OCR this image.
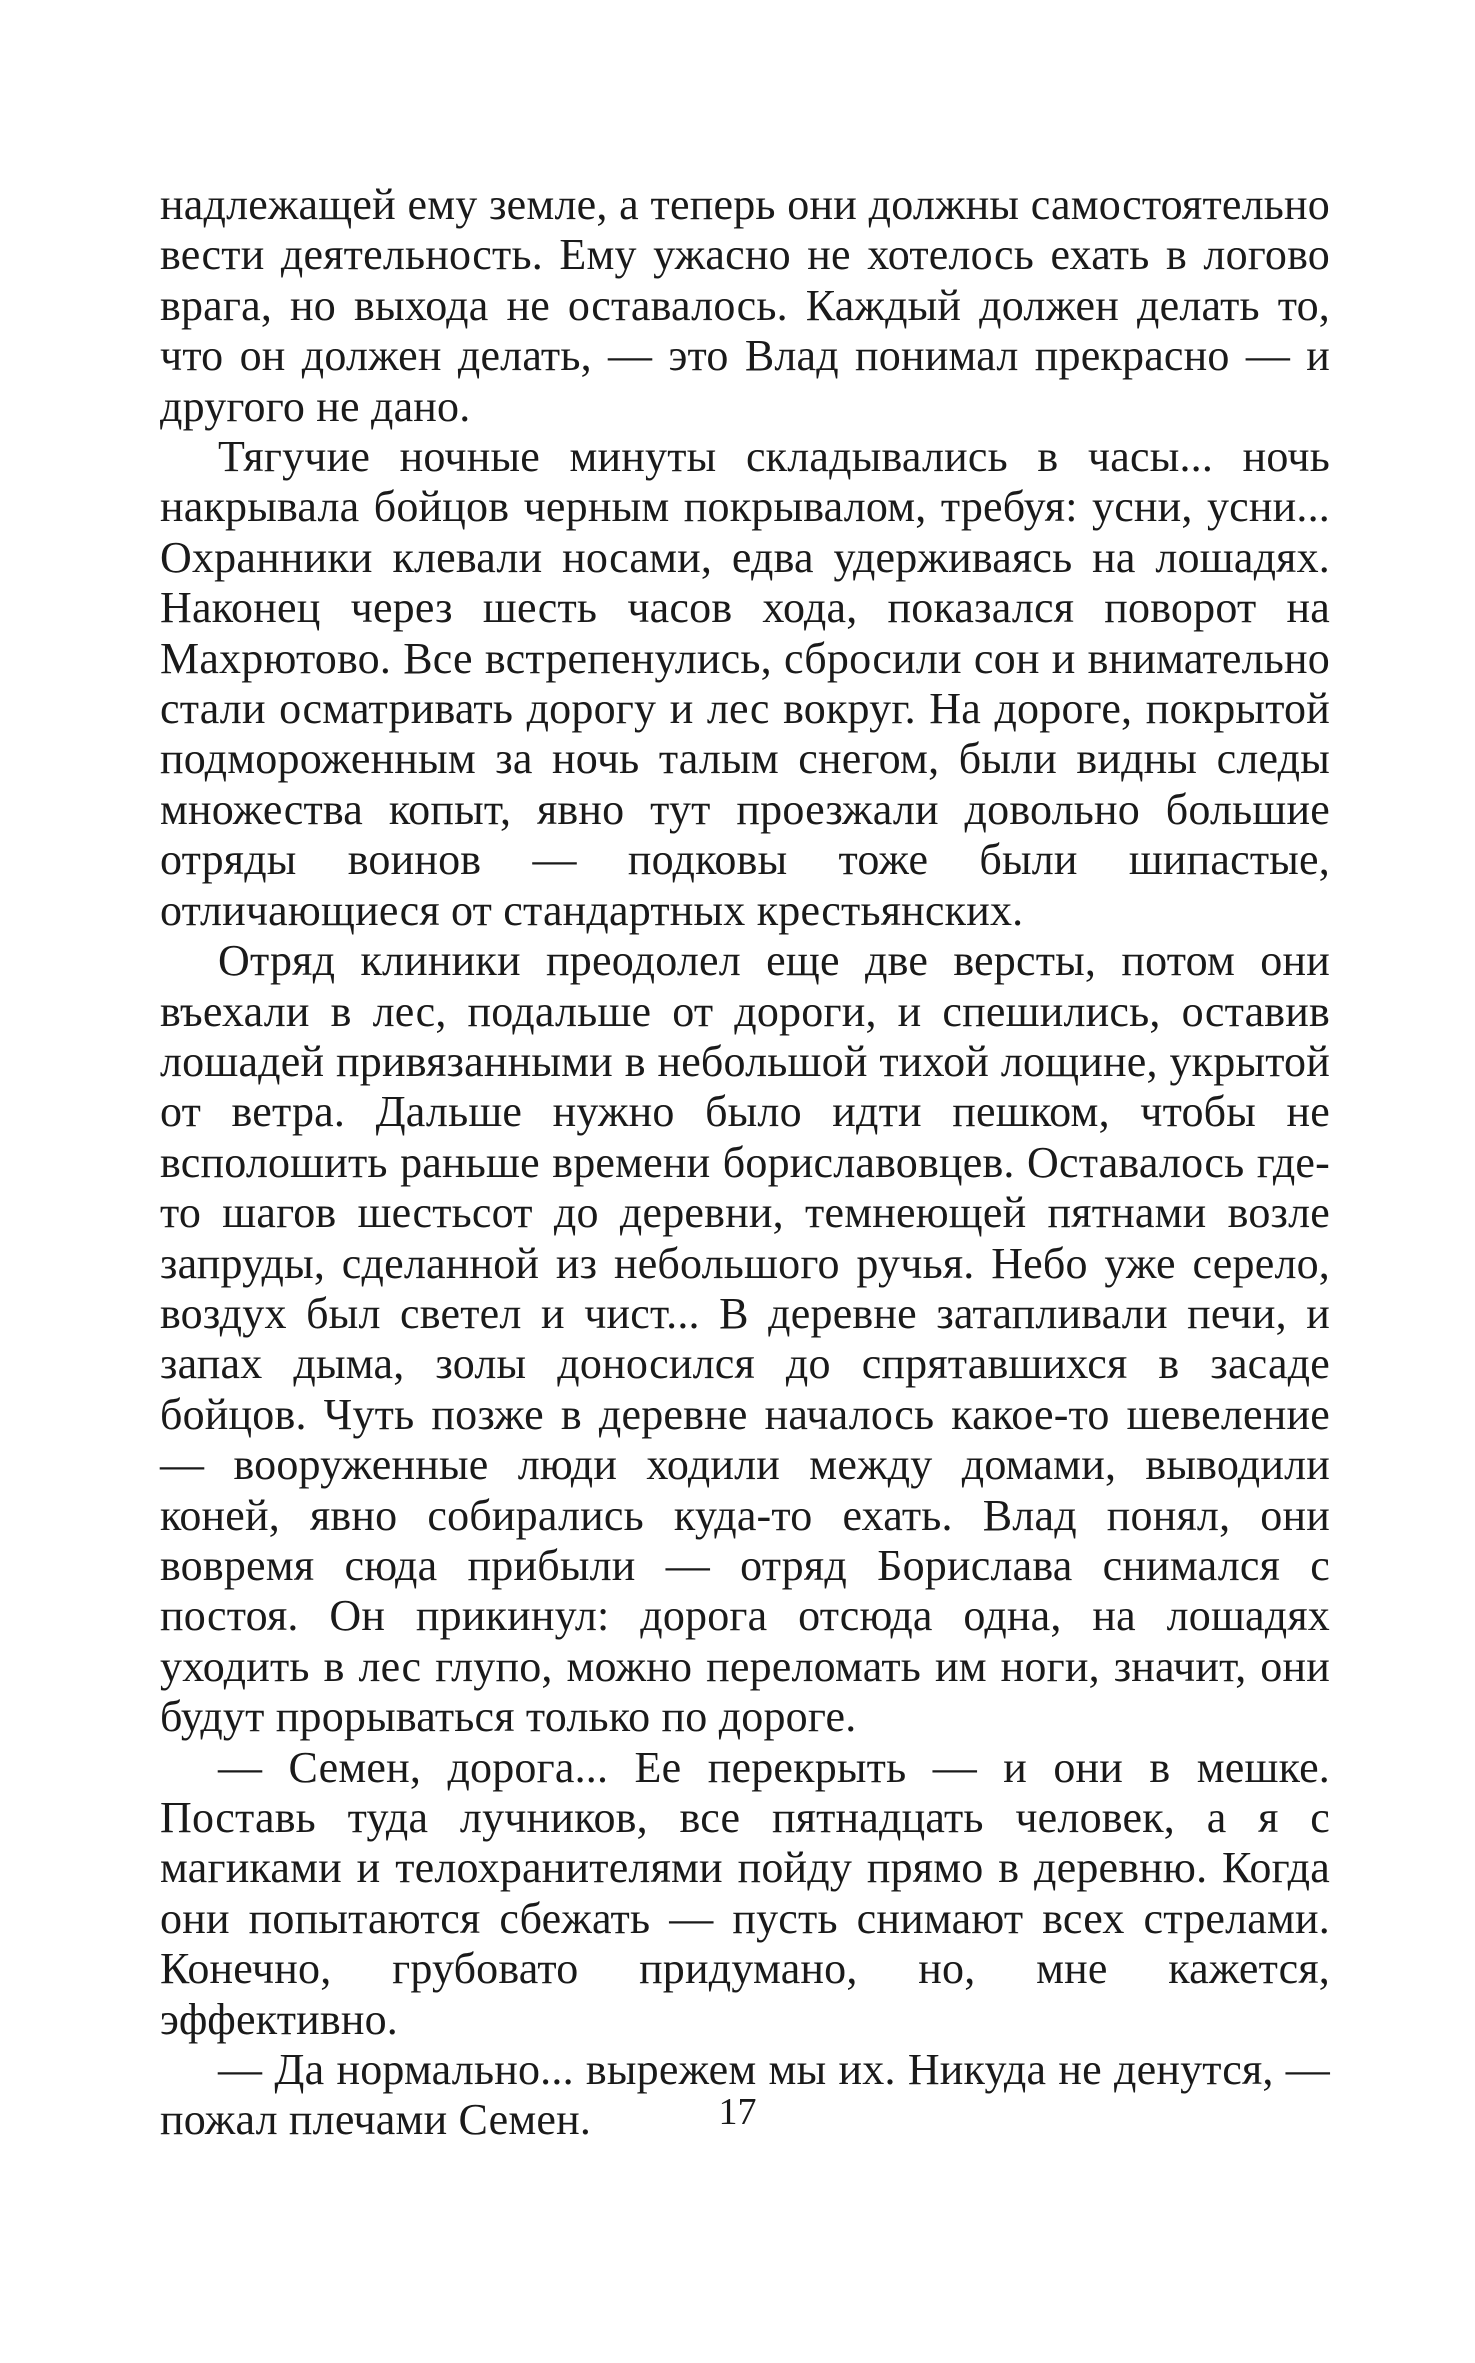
надлежащей ему земле, а теперь они должны самостоятельно вести деятельность. Ему ужасно не хотелось ехать в логово врага, но выхода не оставалось. Каждый должен делать то, что он должен делать, — это Влад понимал прекрасно — и другого не дано.

Тягучие ночные минуты складывались в часы... ночь накрывала бойцов черным покрывалом, требуя: усни, усни... Охранники клевали носами, едва удерживаясь на лошадях. Наконец через шесть часов хода, показался поворот на Махрютово. Все встрепенулись, сбросили сон и внимательно стали осматривать дорогу и лес вокруг. На дороге, покрытой подмороженным за ночь талым снегом, были видны следы множества копыт, явно тут проезжали довольно большие отряды воинов — подковы тоже были шипастые, отличающиеся от стандартных крестьянских.

Отряд клиники преодолел еще две версты, потом они въехали в лес, подальше от дороги, и спешились, оставив лошадей привязанными в небольшой тихой лощине, укрытой от ветра. Дальше нужно было идти пешком, чтобы не всполошить раньше времени бориславовцев. Оставалось где-то шагов шестьсот до деревни, темнеющей пятнами возле запруды, сделанной из небольшого ручья. Небо уже серело, воздух был светел и чист... В деревне затапливали печи, и запах дыма, золы доносился до спрятавшихся в засаде бойцов. Чуть позже в деревне началось какое-то шевеление — вооруженные люди ходили между домами, выводили коней, явно собирались куда-то ехать. Влад понял, они вовремя сюда прибыли — отряд Борислава снимался с постоя. Он прикинул: дорога отсюда одна, на лошадях уходить в лес глупо, можно переломать им ноги, значит, они будут прорываться только по дороге.

— Семен, дорога... Ее перекрыть — и они в мешке. Поставь туда лучников, все пятнадцать человек, а я с магиками и телохранителями пойду прямо в деревню. Когда они попытаются сбежать — пусть снимают всех стрелами. Конечно, грубовато придумано, но, мне кажется, эффективно.

— Да нормально... вырежем мы их. Никуда не денутся, — пожал плечами Семен.	17
